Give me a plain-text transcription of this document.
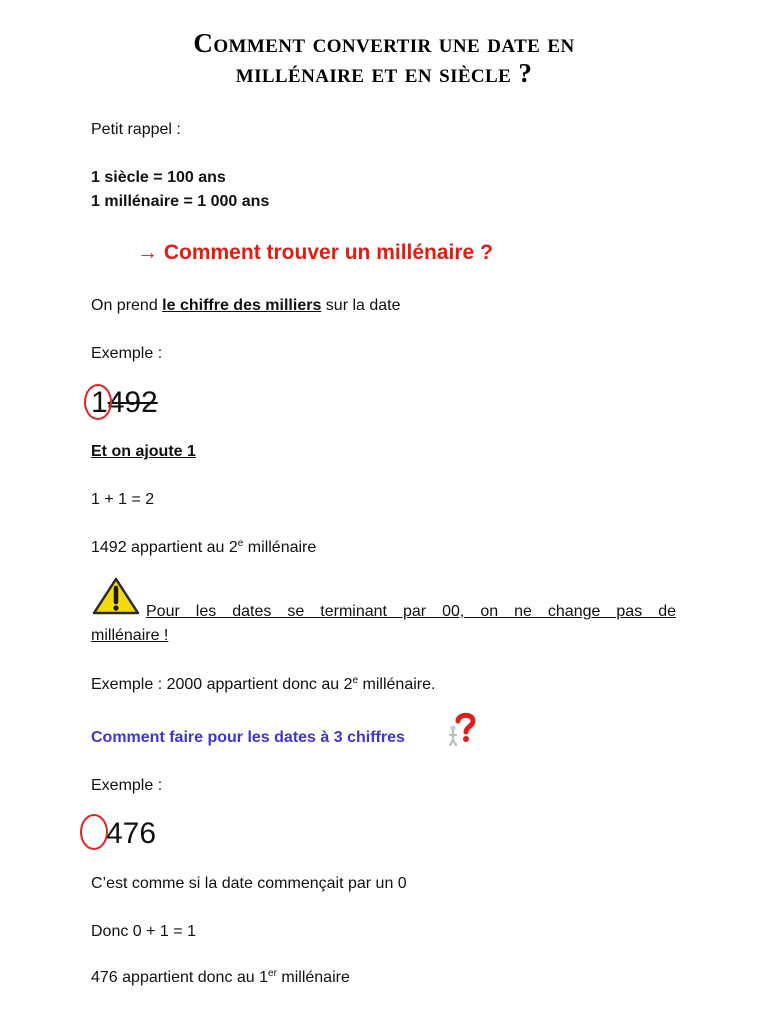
Comment convertir une date en
millénaire et en siècle ?
Petit rappel :
1 siècle = 100 ans
1 millénaire = 1 000 ans
→ Comment trouver un millénaire ?
On prend le chiffre des milliers sur la date
Exemple :
1492
Et on ajoute 1
1 + 1 = 2
1492 appartient au 2e millénaire
Pour les dates se terminant par 00, on ne change pas de
millénaire !
Exemple : 2000 appartient donc au 2e millénaire.
Comment faire pour les dates à 3 chiffres
Exemple :
476
C’est comme si la date commençait par un 0
Donc 0 + 1 = 1
476 appartient donc au 1er millénaire
